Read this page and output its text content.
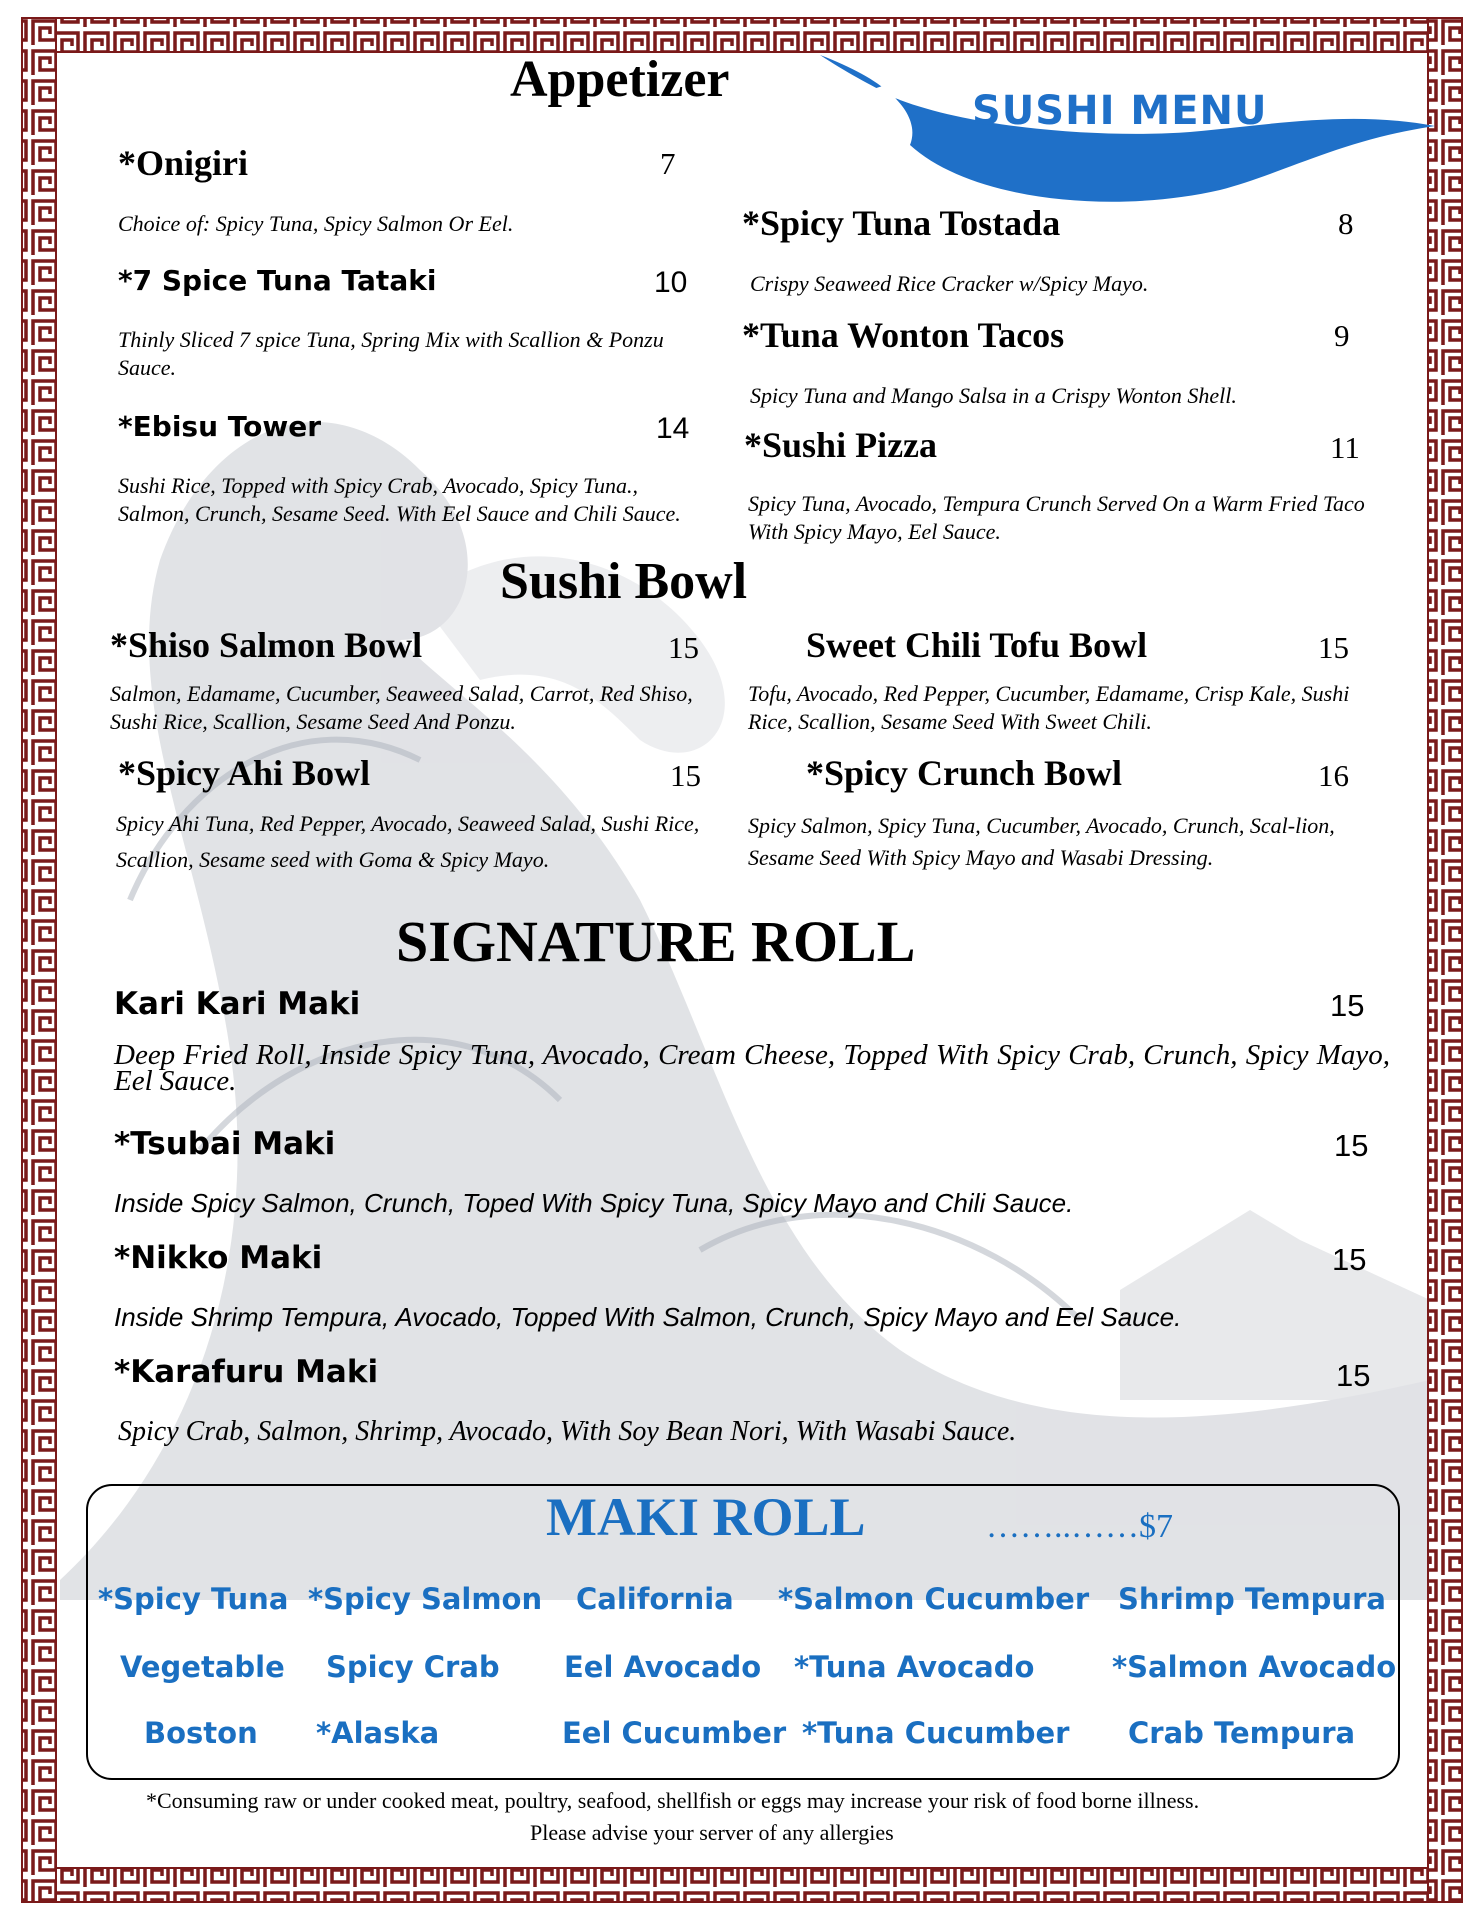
SUSHI MENU
Appetizer
*Onigiri	7
Choice of: Spicy Tuna, Spicy Salmon Or Eel.
*7 Spice Tuna Tataki	10
Thinly Sliced 7 spice Tuna, Spring Mix with Scallion & Ponzu Sauce.
*Ebisu Tower	14
Sushi Rice, Topped with Spicy Crab, Avocado, Spicy Tuna., Salmon, Crunch, Sesame Seed. With Eel Sauce and Chili Sauce.
*Spicy Tuna Tostada	8
Crispy Seaweed Rice Cracker w/Spicy Mayo.
*Tuna Wonton Tacos	9
Spicy Tuna and Mango Salsa in a Crispy Wonton Shell.
*Sushi Pizza	11
Spicy Tuna, Avocado, Tempura Crunch Served On a Warm Fried Taco With Spicy Mayo, Eel Sauce.
Sushi Bowl
*Shiso Salmon Bowl	15
Salmon, Edamame, Cucumber, Seaweed Salad, Carrot, Red Shiso, Sushi Rice, Scallion, Sesame Seed And Ponzu.
Sweet Chili Tofu Bowl	15
Tofu, Avocado, Red Pepper, Cucumber, Edamame, Crisp Kale, Sushi Rice, Scallion, Sesame Seed With Sweet Chili.
*Spicy Ahi Bowl	15
Spicy Ahi Tuna, Red Pepper, Avocado, Seaweed Salad, Sushi Rice, Scallion, Sesame seed with Goma & Spicy Mayo.
*Spicy Crunch Bowl	16
Spicy Salmon, Spicy Tuna, Cucumber, Avocado, Crunch, Scal-lion, Sesame Seed With Spicy Mayo and Wasabi Dressing.
SIGNATURE ROLL
Kari Kari Maki	15
Deep Fried Roll, Inside Spicy Tuna, Avocado, Cream Cheese, Topped With Spicy Crab, Crunch, Spicy Mayo, Eel Sauce.
*Tsubai Maki	15
Inside Spicy Salmon, Crunch, Toped With Spicy Tuna, Spicy Mayo and Chili Sauce.
*Nikko Maki	15
Inside Shrimp Tempura, Avocado, Topped With Salmon, Crunch, Spicy Mayo and Eel Sauce.
*Karafuru Maki	15
Spicy Crab, Salmon, Shrimp, Avocado, With Soy Bean Nori, With Wasabi Sauce.
MAKI ROLL	……..……$7
*Spicy Tuna *Spicy Salmon California *Salmon Cucumber Shrimp Tempura
Vegetable Spicy Crab Eel Avocado *Tuna Avocado	*Salmon Avocado
Boston *Alaska	Eel Cucumber *Tuna Cucumber Crab Tempura
*Consuming raw or under cooked meat, poultry, seafood, shellfish or eggs may increase your risk of food borne illness.
Please advise your server of any allergies
